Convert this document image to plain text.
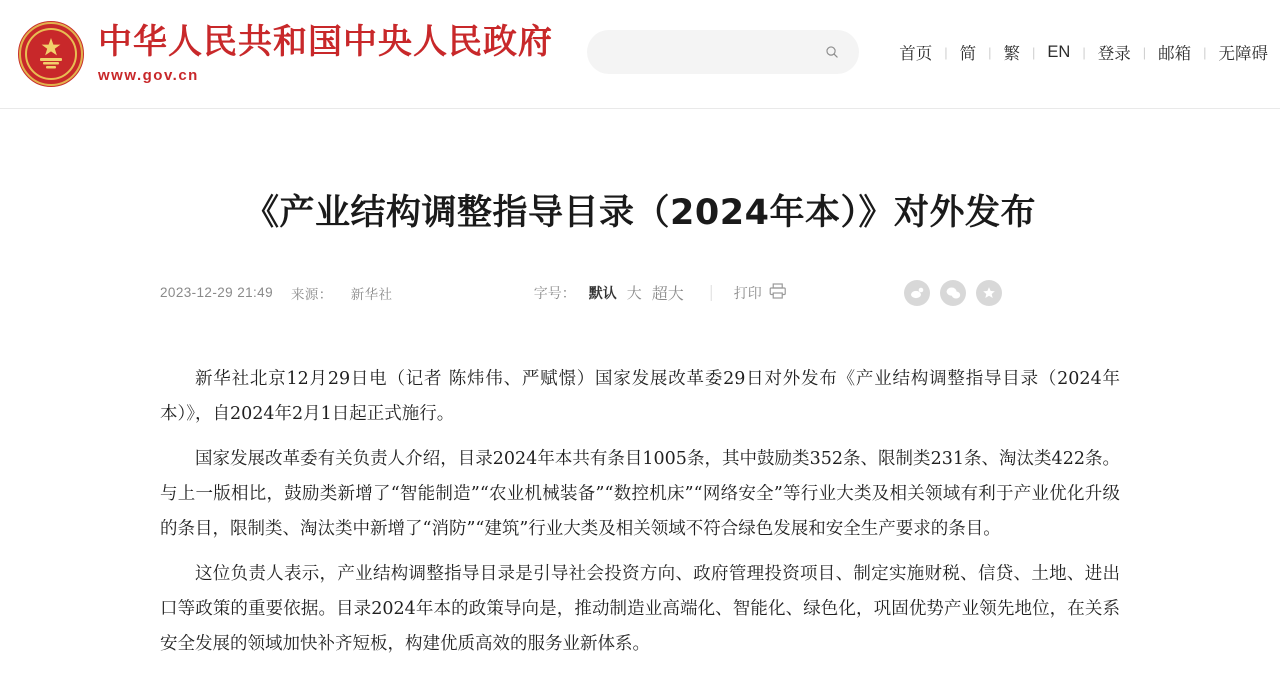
中华人民共和国中央人民政府
www.gov.cn
首页 | 简 | 繁 | EN | 登录 | 邮箱 | 无障碍
《产业结构调整指导目录（2024年本）》对外发布
2023-12-29 21:49 来源： 新华社	字号： 默认 大 超大	打印

新华社北京12月29日电（记者 陈炜伟、严赋憬）国家发展改革委29日对外发布《产业结构调整指导目录（2024年本）》，自2024年2月1日起正式施行。

国家发展改革委有关负责人介绍，目录2024年本共有条目1005条，其中鼓励类352条、限制类231条、淘汰类422条。与上一版相比，鼓励类新增了“智能制造”“农业机械装备”“数控机床”“网络安全”等行业大类及相关领域有利于产业优化升级的条目，限制类、淘汰类中新增了“消防”“建筑”行业大类及相关领域不符合绿色发展和安全生产要求的条目。

这位负责人表示，产业结构调整指导目录是引导社会投资方向、政府管理投资项目、制定实施财税、信贷、土地、进出口等政策的重要依据。目录2024年本的政策导向是，推动制造业高端化、智能化、绿色化，巩固优势产业领先地位，在关系安全发展的领域加快补齐短板，构建优质高效的服务业新体系。
